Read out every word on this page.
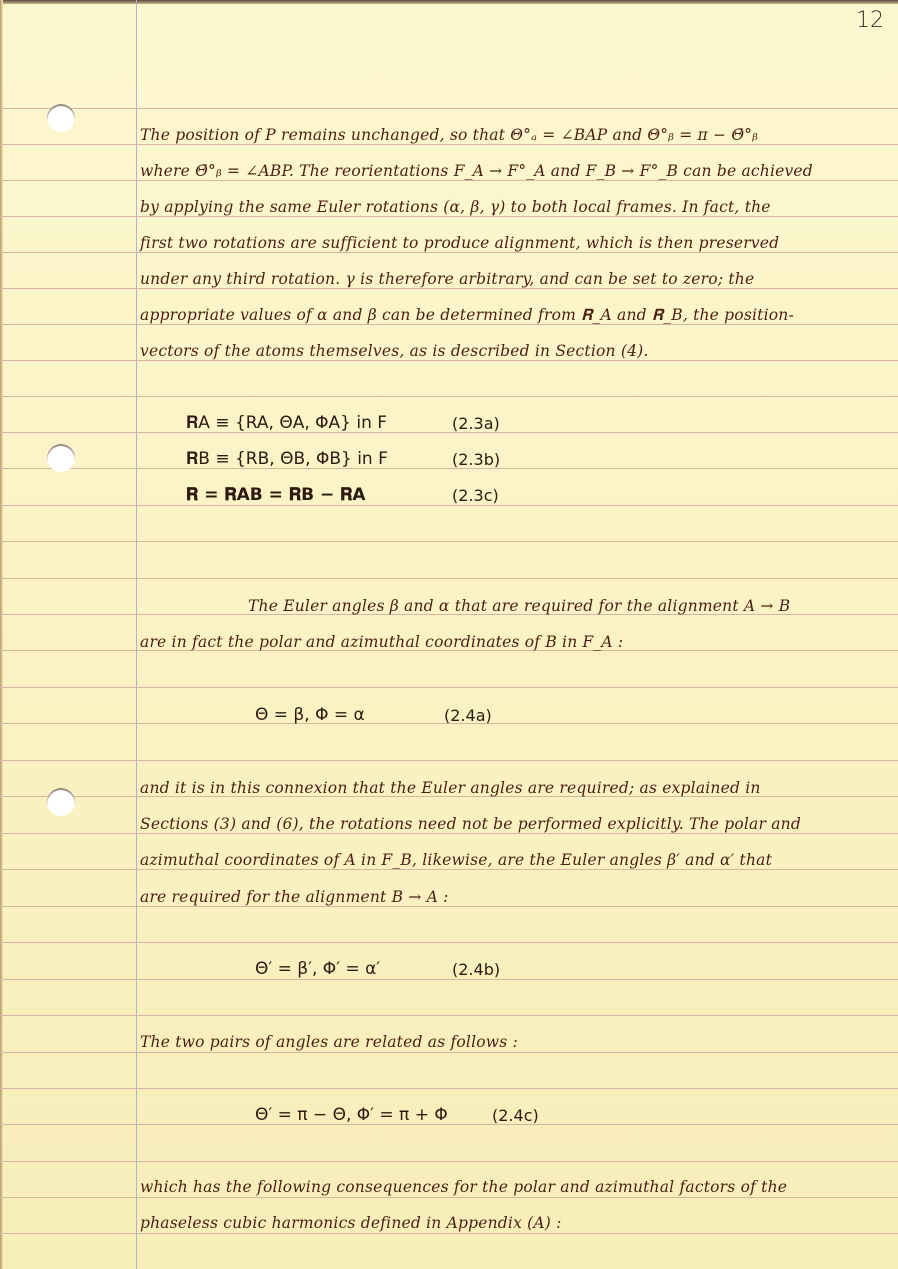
12
The position of P remains unchanged, so that Θ°ₐ = ∠BAP and Θ°ᵦ = π − Θ̄°ᵦ
where Θ̄°ᵦ = ∠ABP. The reorientations F_A → F°_A and F_B → F°_B can be achieved
by applying the same Euler rotations (α, β, γ) to both local frames. In fact, the
first two rotations are sufficient to produce alignment, which is then preserved
under any third rotation. γ is therefore arbitrary, and can be set to zero; the
appropriate values of α and β can be determined from 𝐑_A and 𝐑_B, the position-
vectors of the atoms themselves, as is described in Section (4).
𝐑A ≡ {RA, ΘA, ΦA} in F	(2.3a)
𝐑B ≡ {RB, ΘB, ΦB} in F	(2.3b)
𝐑 = 𝐑AB = 𝐑B − 𝐑A	(2.3c)
The Euler angles β and α that are required for the alignment A → B
are in fact the polar and azimuthal coordinates of B in F_A :
Θ = β, Φ = α	(2.4a)
and it is in this connexion that the Euler angles are required; as explained in
Sections (3) and (6), the rotations need not be performed explicitly. The polar and
azimuthal coordinates of A in F_B, likewise, are the Euler angles β′ and α′ that
are required for the alignment B → A :
Θ′ = β′, Φ′ = α′	(2.4b)
The two pairs of angles are related as follows :
Θ′ = π − Θ, Φ′ = π + Φ	(2.4c)
which has the following consequences for the polar and azimuthal factors of the
phaseless cubic harmonics defined in Appendix (A) :
